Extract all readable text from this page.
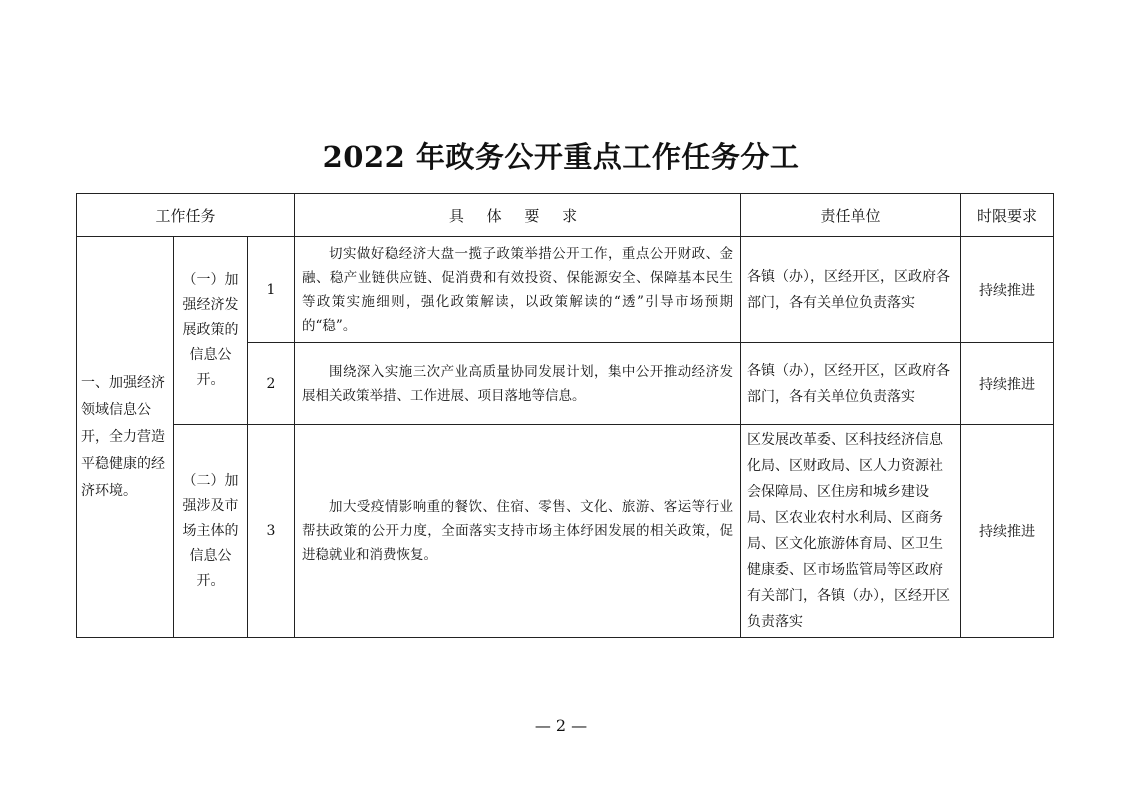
2022 年政务公开重点工作任务分工
工作任务			具 体 要 求	责任单位	时限要求
一、加强经济领域信息公开，全力营造平稳健康的经济环境。	（一）加强经济发展政策的信息公开。	1	切实做好稳经济大盘一揽子政策举措公开工作，重点公开财政、金融、稳产业链供应链、促消费和有效投资、保能源安全、保障基本民生等政策实施细则，强化政策解读，以政策解读的“透”引导市场预期的“稳”。	各镇（办），区经开区，区政府各部门，各有关单位负责落实	持续推进
		2	围绕深入实施三次产业高质量协同发展计划，集中公开推动经济发展相关政策举措、工作进展、项目落地等信息。	各镇（办），区经开区，区政府各部门，各有关单位负责落实	持续推进
	（二）加强涉及市场主体的信息公开。	3	加大受疫情影响重的餐饮、住宿、零售、文化、旅游、客运等行业帮扶政策的公开力度，全面落实支持市场主体纾困发展的相关政策，促进稳就业和消费恢复。	区发展改革委、区科技经济信息化局、区财政局、区人力资源社会保障局、区住房和城乡建设局、区农业农村水利局、区商务局、区文化旅游体育局、区卫生健康委、区市场监管局等区政府有关部门，各镇（办），区经开区负责落实	持续推进
— 2 —
